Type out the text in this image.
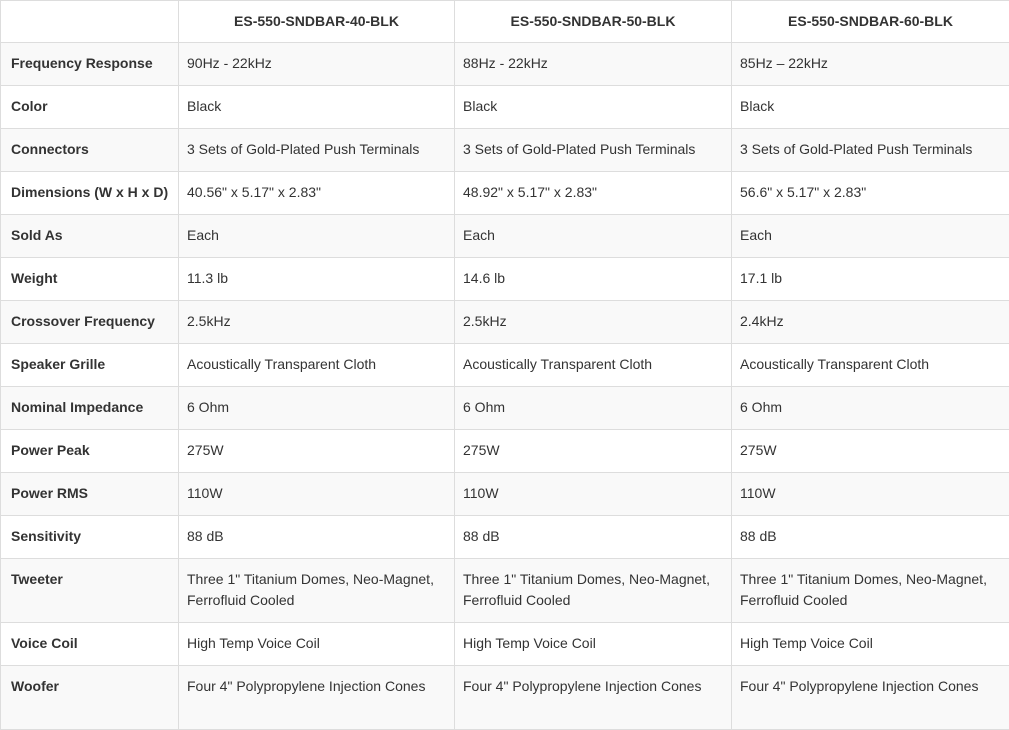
	ES-550-SNDBAR-40-BLK	ES-550-SNDBAR-50-BLK	ES-550-SNDBAR-60-BLK
Frequency Response	90Hz - 22kHz	88Hz - 22kHz	85Hz – 22kHz
Color	Black	Black	Black
Connectors	3 Sets of Gold-Plated Push Terminals	3 Sets of Gold-Plated Push Terminals	3 Sets of Gold-Plated Push Terminals
Dimensions (W x H x D)	40.56" x 5.17" x 2.83"	48.92" x 5.17" x 2.83"	56.6" x 5.17" x 2.83"
Sold As	Each	Each	Each
Weight	11.3 lb	14.6 lb	17.1 lb
Crossover Frequency	2.5kHz	2.5kHz	2.4kHz
Speaker Grille	Acoustically Transparent Cloth	Acoustically Transparent Cloth	Acoustically Transparent Cloth
Nominal Impedance	6 Ohm	6 Ohm	6 Ohm
Power Peak	275W	275W	275W
Power RMS	110W	110W	110W
Sensitivity	88 dB	88 dB	88 dB
Tweeter	Three 1" Titanium Domes, Neo-Magnet, Ferrofluid Cooled	Three 1" Titanium Domes, Neo-Magnet, Ferrofluid Cooled	Three 1" Titanium Domes, Neo-Magnet, Ferrofluid Cooled
Voice Coil	High Temp Voice Coil	High Temp Voice Coil	High Temp Voice Coil
Woofer	Four 4" Polypropylene Injection Cones	Four 4" Polypropylene Injection Cones	Four 4" Polypropylene Injection Cones
